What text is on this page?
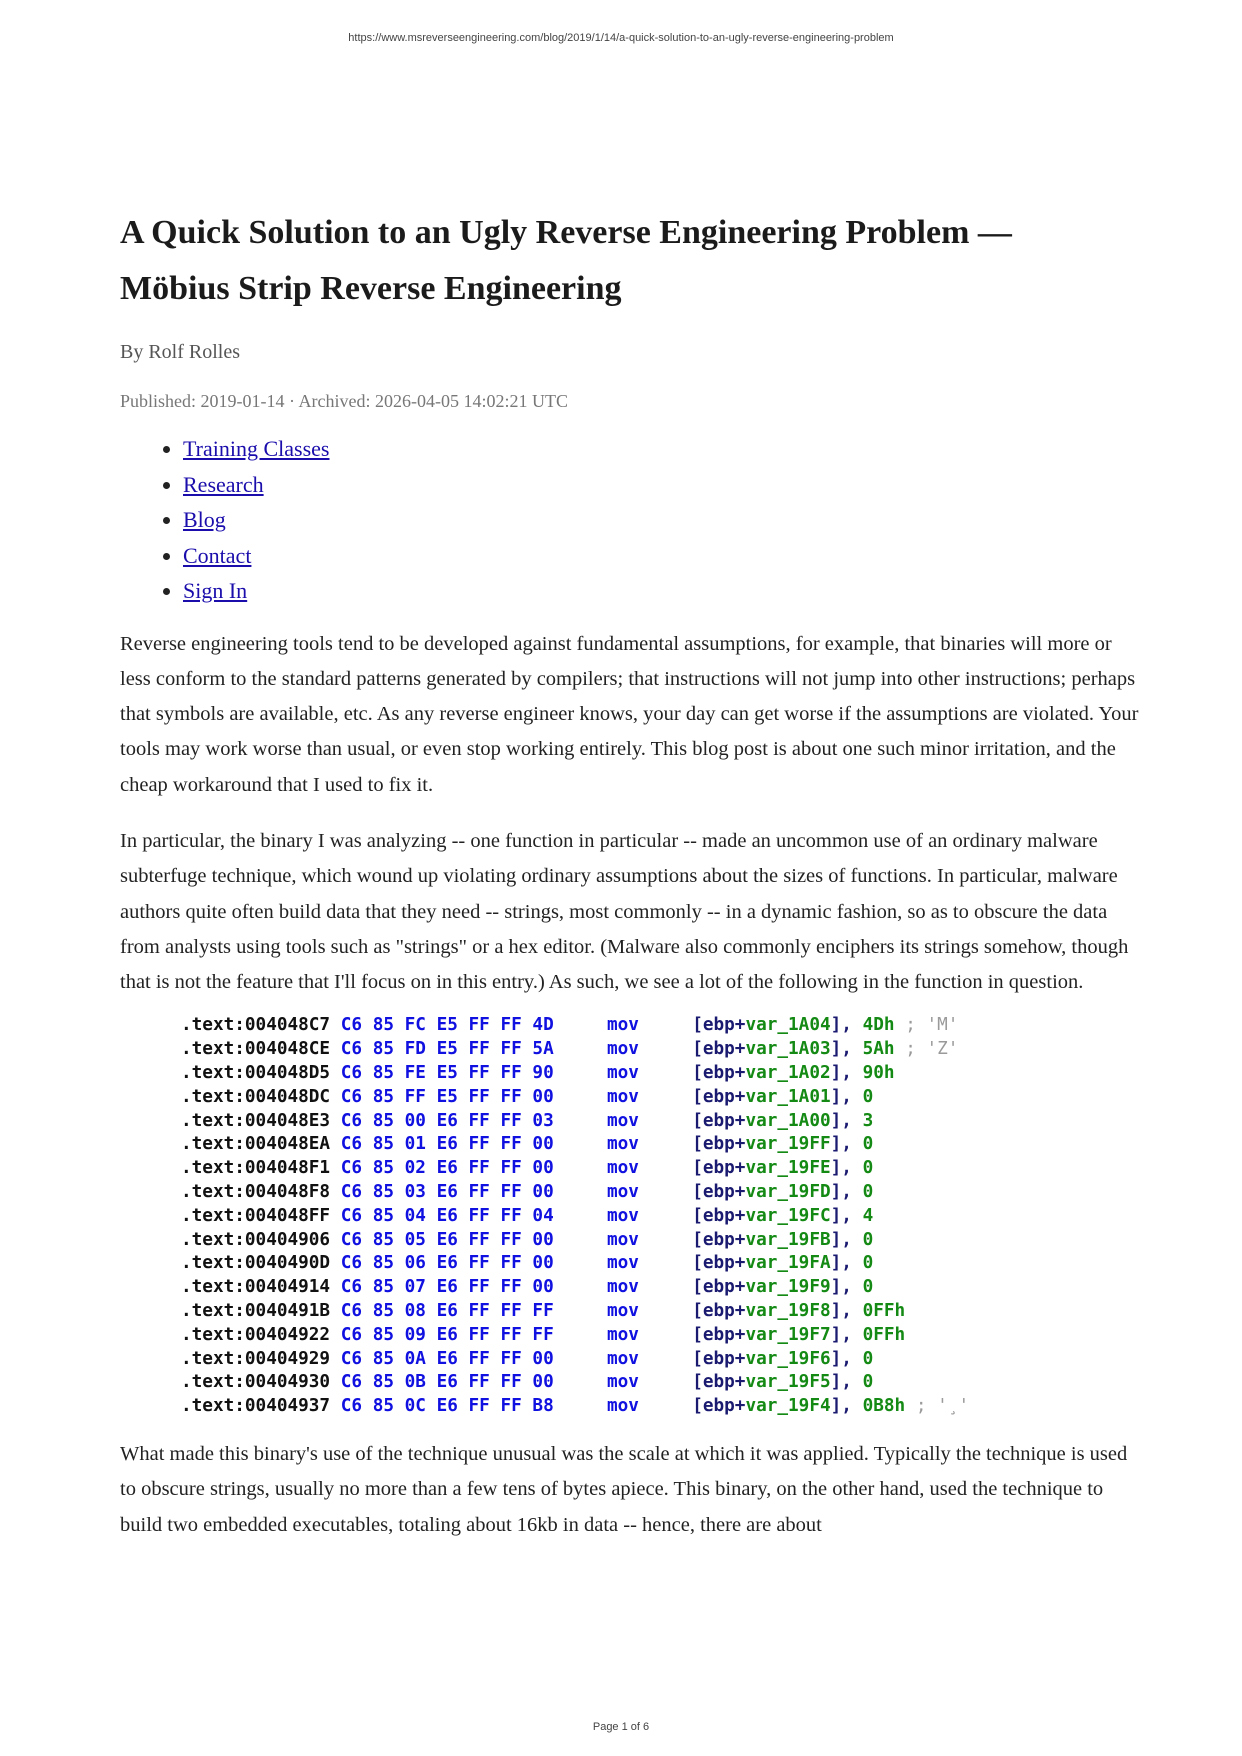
https://www.msreverseengineering.com/blog/2019/1/14/a-quick-solution-to-an-ugly-reverse-engineering-problem
A Quick Solution to an Ugly Reverse Engineering Problem —
Möbius Strip Reverse Engineering
By Rolf Rolles
Published: 2019-01-14 · Archived: 2026-04-05 14:02:21 UTC
• Training Classes
• Research
• Blog
• Contact
• Sign In

Reverse engineering tools tend to be developed against fundamental assumptions, for example, that binaries will more or less conform to the standard patterns generated by compilers; that instructions will not jump into other instructions; perhaps that symbols are available, etc. As any reverse engineer knows, your day can get worse if the assumptions are violated. Your tools may work worse than usual, or even stop working entirely. This blog post is about one such minor irritation, and the cheap workaround that I used to fix it.

In particular, the binary I was analyzing -- one function in particular -- made an uncommon use of an ordinary malware subterfuge technique, which wound up violating ordinary assumptions about the sizes of functions. In particular, malware authors quite often build data that they need -- strings, most commonly -- in a dynamic fashion, so as to obscure the data from analysts using tools such as "strings" or a hex editor. (Malware also commonly enciphers its strings somehow, though that is not the feature that I'll focus on in this entry.) As such, we see a lot of the following in the function in question.

.text:004048C7 C6 85 FC E5 FF FF 4D	mov	[ebp+var_1A04], 4Dh ; 'M'
.text:004048CE C6 85 FD E5 FF FF 5A	mov	[ebp+var_1A03], 5Ah ; 'Z'
.text:004048D5 C6 85 FE E5 FF FF 90	mov	[ebp+var_1A02], 90h
.text:004048DC C6 85 FF E5 FF FF 00	mov	[ebp+var_1A01], 0
.text:004048E3 C6 85 00 E6 FF FF 03	mov	[ebp+var_1A00], 3
.text:004048EA C6 85 01 E6 FF FF 00	mov	[ebp+var_19FF], 0
.text:004048F1 C6 85 02 E6 FF FF 00	mov	[ebp+var_19FE], 0
.text:004048F8 C6 85 03 E6 FF FF 00	mov	[ebp+var_19FD], 0
.text:004048FF C6 85 04 E6 FF FF 04	mov	[ebp+var_19FC], 4
.text:00404906 C6 85 05 E6 FF FF 00	mov	[ebp+var_19FB], 0
.text:0040490D C6 85 06 E6 FF FF 00	mov	[ebp+var_19FA], 0
.text:00404914 C6 85 07 E6 FF FF 00	mov	[ebp+var_19F9], 0
.text:0040491B C6 85 08 E6 FF FF FF	mov	[ebp+var_19F8], 0FFh
.text:00404922 C6 85 09 E6 FF FF FF	mov	[ebp+var_19F7], 0FFh
.text:00404929 C6 85 0A E6 FF FF 00	mov	[ebp+var_19F6], 0
.text:00404930 C6 85 0B E6 FF FF 00	mov	[ebp+var_19F5], 0
.text:00404937 C6 85 0C E6 FF FF B8	mov	[ebp+var_19F4], 0B8h ; '¸'

What made this binary's use of the technique unusual was the scale at which it was applied. Typically the technique is used to obscure strings, usually no more than a few tens of bytes apiece. This binary, on the other hand, used the technique to build two embedded executables, totaling about 16kb in data -- hence, there are about

Page 1 of 6
